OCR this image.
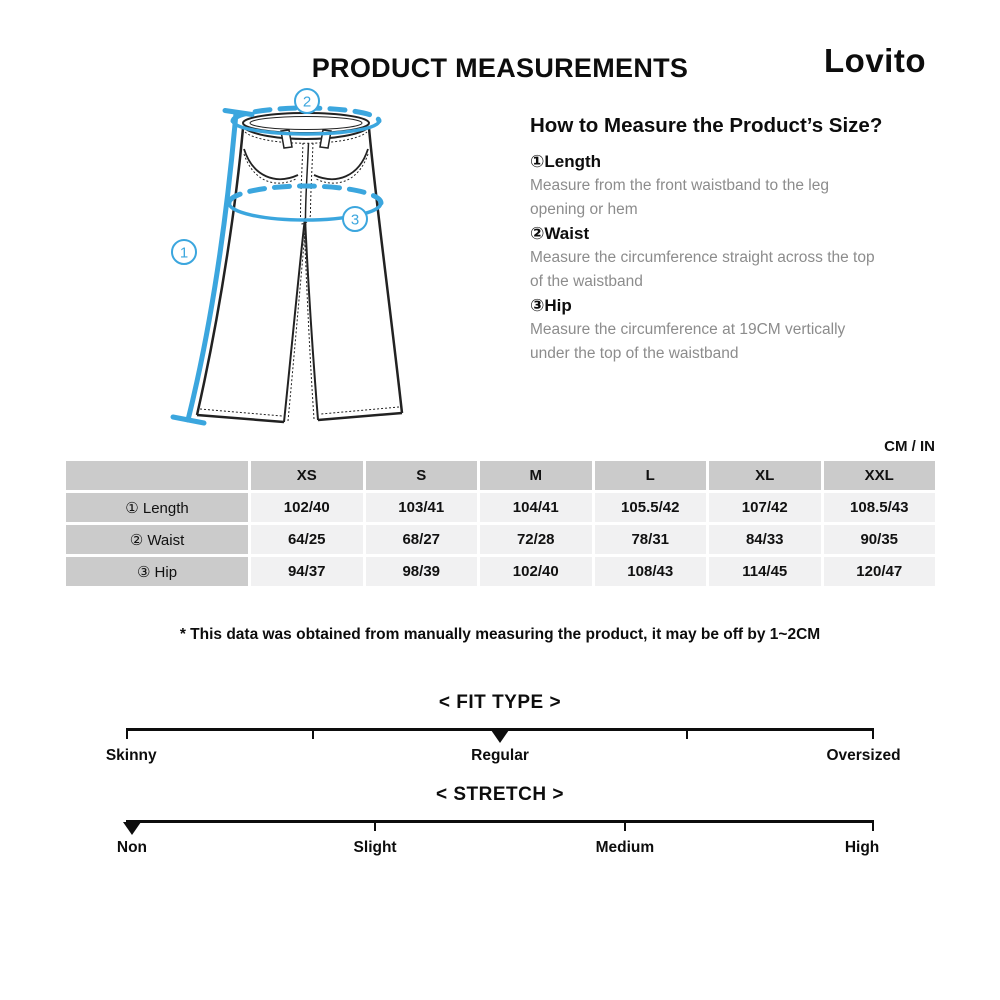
PRODUCT MEASUREMENTS	Lovito
1
2
3
How to Measure the Product’s Size?
①Length
Measure from the front waistband to the leg opening or hem
②Waist
Measure the circumference straight across the top of the waistband
③Hip
Measure the circumference at 19CM vertically under the top of the waistband
CM / IN
XS	S	M	L	XL	XXL
① Length	102/40	103/41	104/41	105.5/42	107/42	108.5/43
② Waist	64/25	68/27	72/28	78/31	84/33	90/35
③ Hip	94/37	98/39	102/40	108/43	114/45	120/47
* This data was obtained from manually measuring the product, it may be off by 1~2CM
< FIT TYPE >
Skinny	Regular	Oversized
< STRETCH >
Non	Slight	Medium	High
